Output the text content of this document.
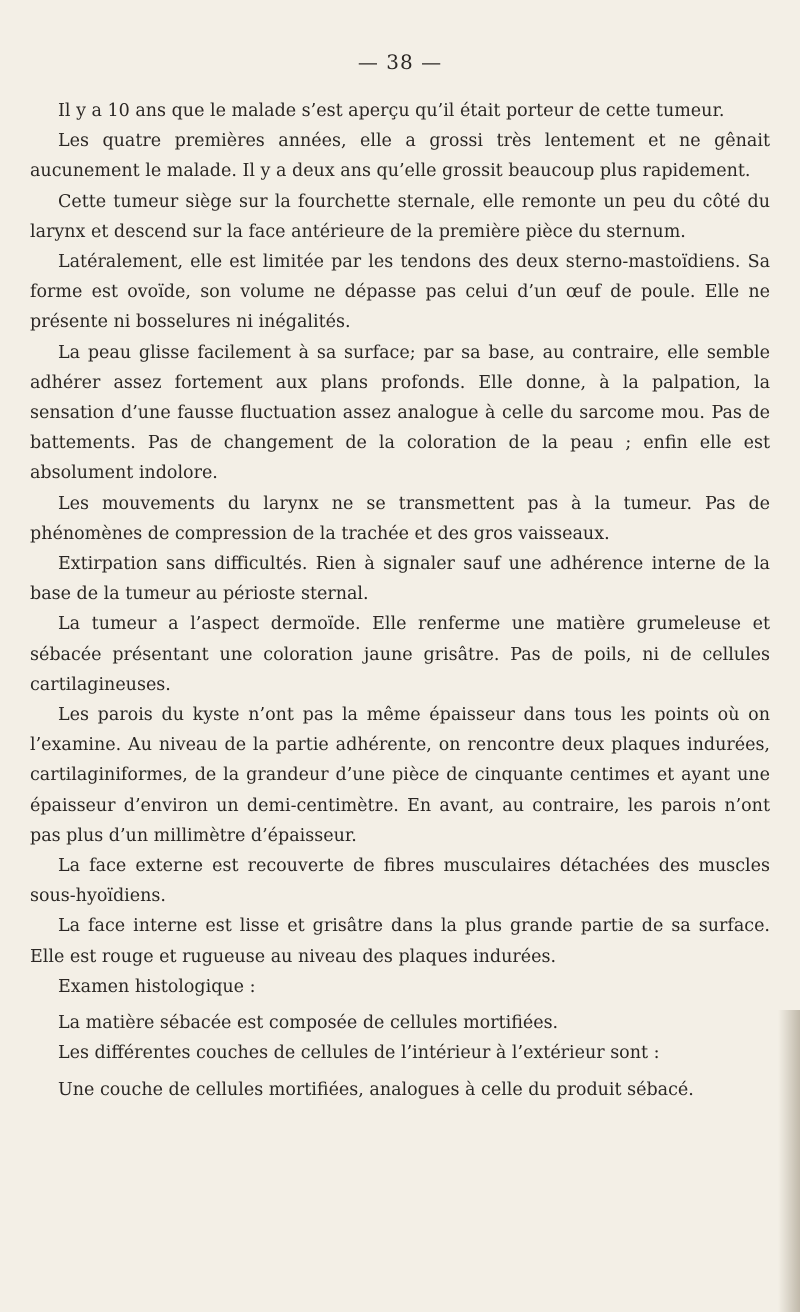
— 38 —

Il y a 10 ans que le malade s’est aperçu qu’il était porteur de cette tumeur.

Les quatre premières années, elle a grossi très lentement et ne gênait aucunement le malade. Il y a deux ans qu’elle grossit beaucoup plus rapidement.

Cette tumeur siège sur la fourchette sternale, elle remonte un peu du côté du larynx et descend sur la face antérieure de la première pièce du sternum.

Latéralement, elle est limitée par les tendons des deux sterno-mastoïdiens. Sa forme est ovoïde, son volume ne dépasse pas celui d’un œuf de poule. Elle ne présente ni bosselures ni inégalités.

La peau glisse facilement à sa surface; par sa base, au contraire, elle semble adhérer assez fortement aux plans profonds. Elle donne, à la palpation, la sensation d’une fausse fluctuation assez analogue à celle du sarcome mou. Pas de battements. Pas de changement de la coloration de la peau ; enfin elle est absolument indolore.

Les mouvements du larynx ne se transmettent pas à la tumeur. Pas de phénomènes de compression de la trachée et des gros vaisseaux.

Extirpation sans difficultés. Rien à signaler sauf une adhérence interne de la base de la tumeur au périoste sternal.

La tumeur a l’aspect dermoïde. Elle renferme une matière grumeleuse et sébacée présentant une coloration jaune grisâtre. Pas de poils, ni de cellules cartilagineuses.

Les parois du kyste n’ont pas la même épaisseur dans tous les points où on l’examine. Au niveau de la partie adhérente, on rencontre deux plaques indurées, cartilaginiformes, de la grandeur d’une pièce de cinquante centimes et ayant une épaisseur d’environ un demi-centimètre. En avant, au contraire, les parois n’ont pas plus d’un millimètre d’épaisseur.

La face externe est recouverte de fibres musculaires détachées des muscles sous-hyoïdiens.

La face interne est lisse et grisâtre dans la plus grande partie de sa surface. Elle est rouge et rugueuse au niveau des plaques indurées.

Examen histologique :

La matière sébacée est composée de cellules mortifiées.

Les différentes couches de cellules de l’intérieur à l’extérieur sont :

Une couche de cellules mortifiées, analogues à celle du produit sébacé.
